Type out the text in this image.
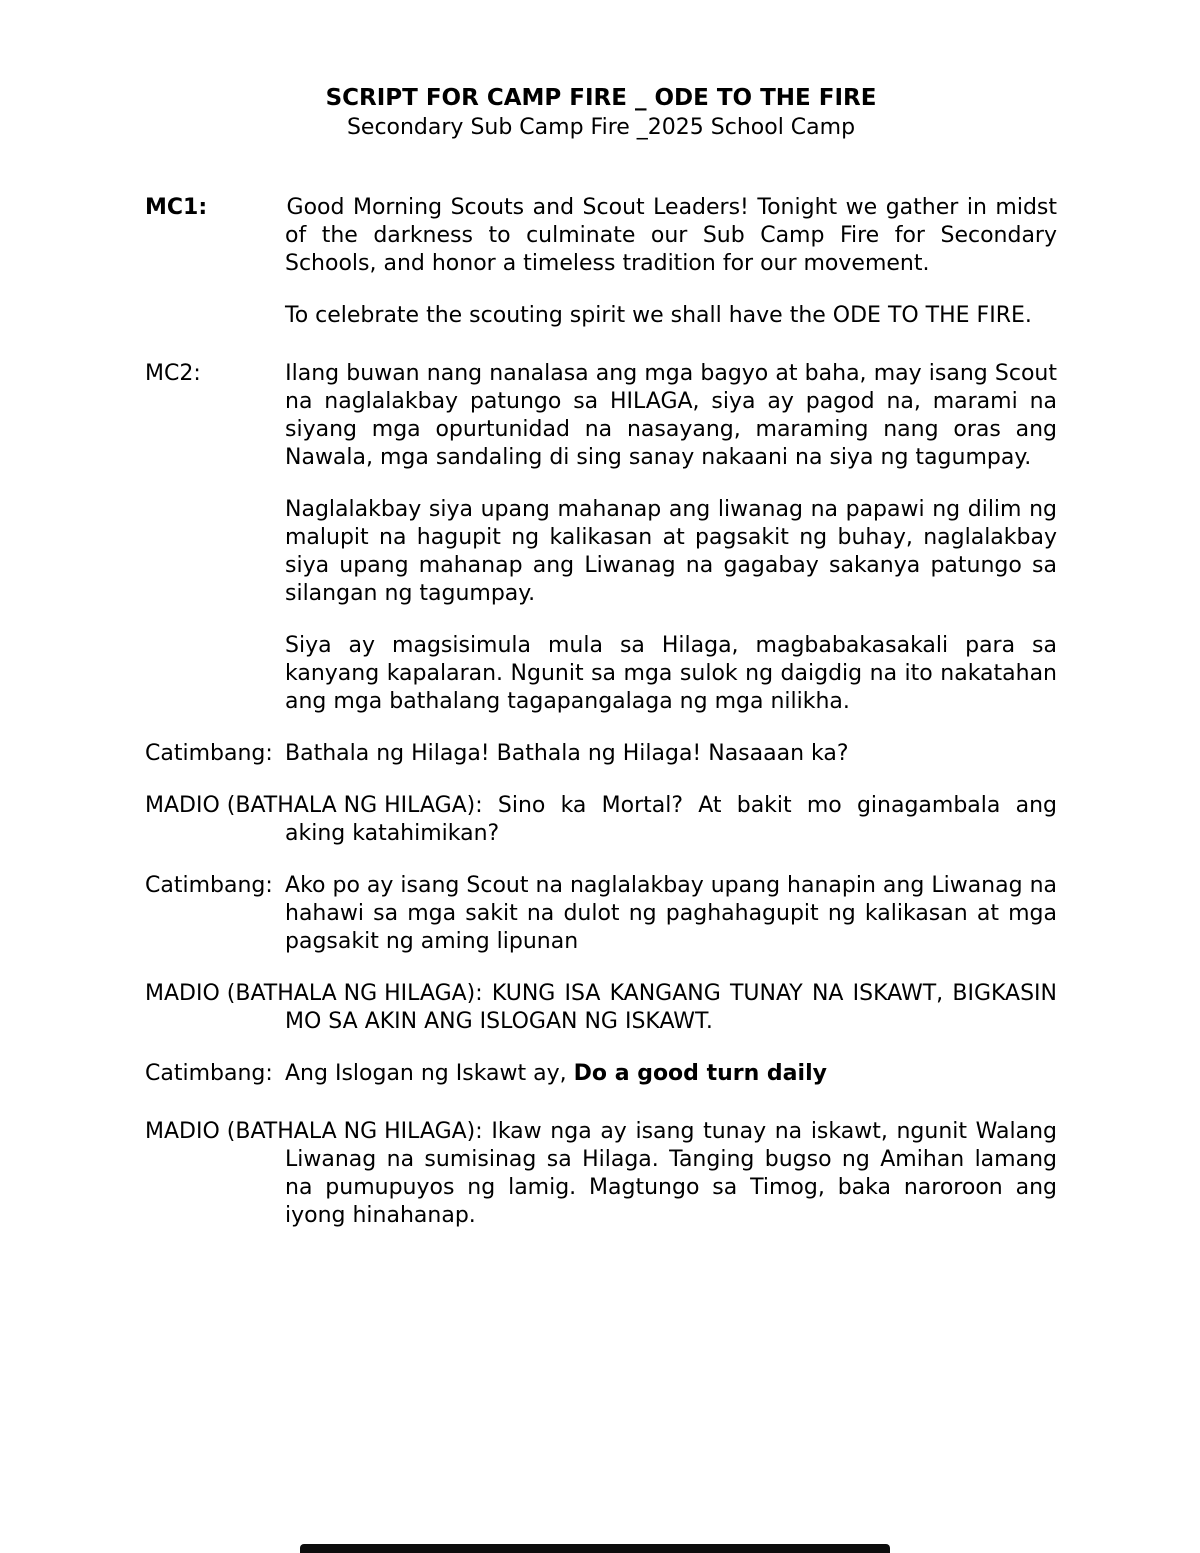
SCRIPT FOR CAMP FIRE _ ODE TO THE FIRE
Secondary Sub Camp Fire _2025 School Camp

MC1:	Good Morning Scouts and Scout Leaders! Tonight we gather in midst of the darkness to culminate our Sub Camp Fire for Secondary Schools, and honor a timeless tradition for our movement.

To celebrate the scouting spirit we shall have the ODE TO THE FIRE.

MC2:	Ilang buwan nang nanalasa ang mga bagyo at baha, may isang Scout na naglalakbay patungo sa HILAGA, siya ay pagod na, marami na siyang mga opurtunidad na nasayang, maraming nang oras ang Nawala, mga sandaling di sing sanay nakaani na siya ng tagumpay.

Naglalakbay siya upang mahanap ang liwanag na papawi ng dilim ng malupit na hagupit ng kalikasan at pagsakit ng buhay, naglalakbay siya upang mahanap ang Liwanag na gagabay sakanya patungo sa silangan ng tagumpay.

Siya ay magsisimula mula sa Hilaga, magbabakasakali para sa kanyang kapalaran. Ngunit sa mga sulok ng daigdig na ito nakatahan ang mga bathalang tagapangalaga ng mga nilikha.

Catimbang: Bathala ng Hilaga! Bathala ng Hilaga! Nasaaan ka?

MADIO (BATHALA NG HILAGA): Sino ka Mortal? At bakit mo ginagambala ang aking katahimikan?

Catimbang: Ako po ay isang Scout na naglalakbay upang hanapin ang Liwanag na hahawi sa mga sakit na dulot ng paghahagupit ng kalikasan at mga pagsakit ng aming lipunan

MADIO (BATHALA NG HILAGA): KUNG ISA KANGANG TUNAY NA ISKAWT, BIGKASIN MO SA AKIN ANG ISLOGAN NG ISKAWT.

Catimbang: Ang Islogan ng Iskawt ay, Do a good turn daily

MADIO (BATHALA NG HILAGA): Ikaw nga ay isang tunay na iskawt, ngunit Walang Liwanag na sumisinag sa Hilaga. Tanging bugso ng Amihan lamang na pumupuyos ng lamig. Magtungo sa Timog, baka naroroon ang iyong hinahanap.
